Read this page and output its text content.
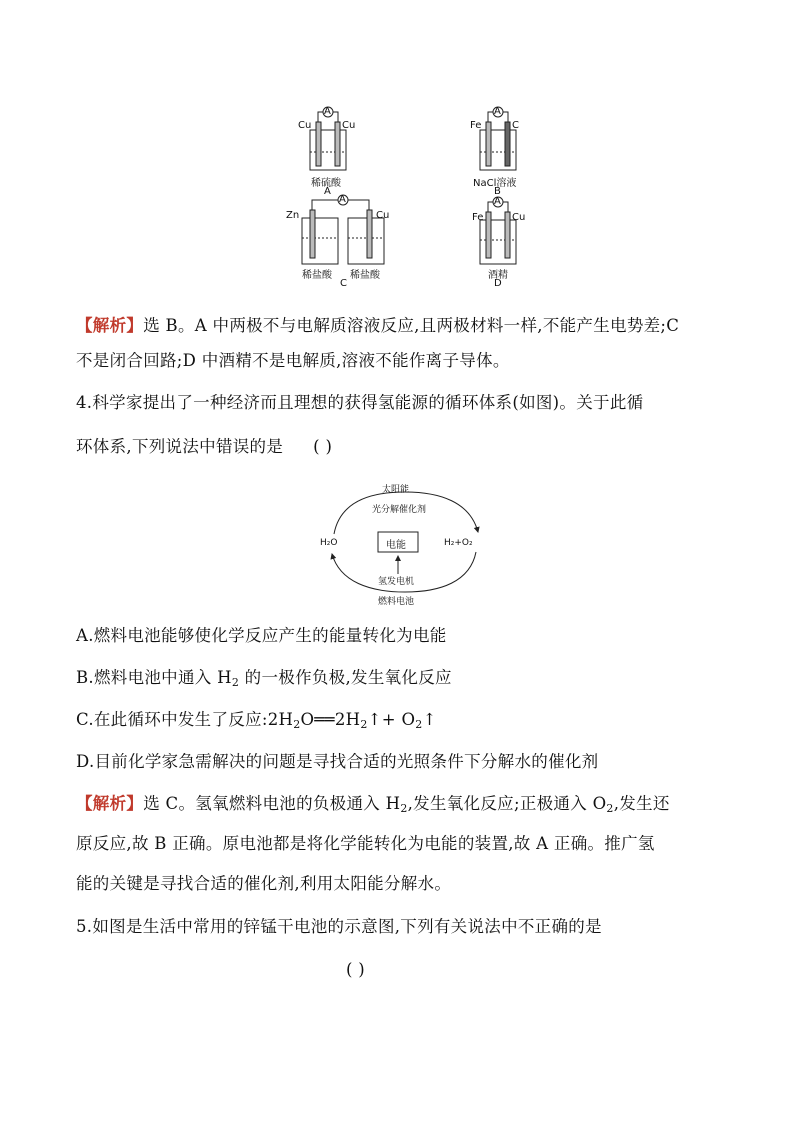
A	A
A	A
Cu	Cu
稀硫酸
A
Fe	C
NaCl溶液
B
Zn	Cu
稀盐酸 稀盐酸
C
Fe	Cu
酒精
D
【解析】选 B。A 中两极不与电解质溶液反应,且两极材料一样,不能产生电势差;C
不是闭合回路;D 中酒精不是电解质,溶液不能作离子导体。
4.科学家提出了一种经济而且理想的获得氢能源的循环体系(如图)。关于此循
环体系,下列说法中错误的是 ( )
太阳能
光分解催化剂
H₂O	电能	H₂+O₂
氢发电机
燃料电池
A.燃料电池能够使化学反应产生的能量转化为电能
B.燃料电池中通入 $H_2$ 的一极作负极,发生氧化反应
C.在此循环中发生了反应$:2H_2O══2H_2↑+$ $O_2↑$
D.目前化学家急需解决的问题是寻找合适的光照条件下分解水的催化剂
【解析】选 C。氢氧燃料电池的负极通入 $H_2$,发生氧化反应;正极通入 $O_2$,发生还
原反应,故 B 正确。原电池都是将化学能转化为电能的装置,故 A 正确。推广氢
能的关键是寻找合适的催化剂,利用太阳能分解水。
5.如图是生活中常用的锌锰干电池的示意图,下列有关说法中不正确的是
( )
